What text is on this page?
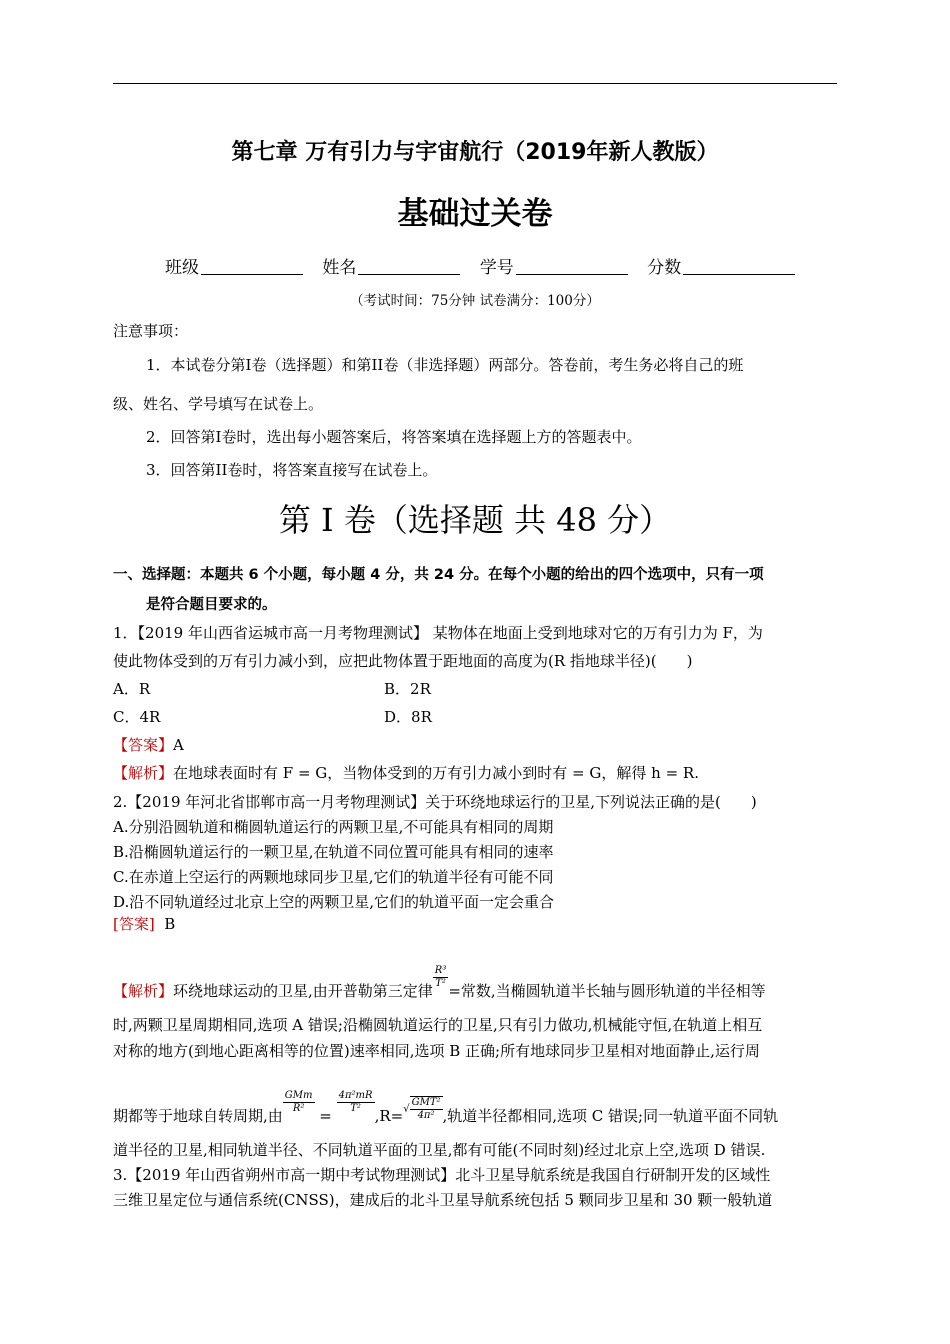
第七章 万有引力与宇宙航行（2019年新人教版）
基础过关卷
班级	姓名	学号	分数
（考试时间：75分钟 试卷满分：100分）
注意事项：
1．本试卷分第I卷（选择题）和第II卷（非选择题）两部分。答卷前，考生务必将自己的班
级、姓名、学号填写在试卷上。
2．回答第I卷时，选出每小题答案后，将答案填在选择题上方的答题表中。
3．回答第II卷时，将答案直接写在试卷上。
第 I 卷（选择题 共 48 分）
一、选择题：本题共 6 个小题，每小题 4 分，共 24 分。在每个小题的给出的四个选项中，只有一项
是符合题目要求的。
1．【2019 年山西省运城市高一月考物理测试】 某物体在地面上受到地球对它的万有引力为 F，为
使此物体受到的万有引力减小到，应把此物体置于距地面的高度为(R 指地球半径)(　　)
A．R	B．2R
C．4R	D．8R
【答案】A
【解析】在地球表面时有 F = G，当物体受到的万有引力减小到时有 = G，解得 h = R.
2.【2019 年河北省邯郸市高一月考物理测试】关于环绕地球运行的卫星,下列说法正确的是(　　)
A.分别沿圆轨道和椭圆轨道运行的两颗卫星,不可能具有相同的周期
B.沿椭圆轨道运行的一颗卫星,在轨道不同位置可能具有相同的速率
C.在赤道上空运行的两颗地球同步卫星,它们的轨道半径有可能不同
D.沿不同轨道经过北京上空的两颗卫星,它们的轨道平面一定会重合
[答案] B
【解析】环绕地球运动的卫星,由开普勒第三定律
$\frac{\text{R³}}{\text{T²}}$
=常数,当椭圆轨道半长轴与圆形轨道的半径相等
时,两颗卫星周期相同,选项 A 错误;沿椭圆轨道运行的卫星,只有引力做功,机械能守恒,在轨道上相互
对称的地方(到地心距离相等的位置)速率相同,选项 B 正确;所有地球同步卫星相对地面静止,运行周
期都等于地球自转周期,由
$\frac{\text{GMm}}{\text{R²}}$
=
$\frac{\text{4π²mR}}{\text{T²}}$
$,R=√ \frac{\text{GMT²}}{\text{4π²}}$ ,轨道半径都相同,选项 C 错误;同一轨道平面不同轨
道半径的卫星,相同轨道半径、不同轨道平面的卫星,都有可能(不同时刻)经过北京上空,选项 D 错误.
3.【2019 年山西省朔州市高一期中考试物理测试】北斗卫星导航系统是我国自行研制开发的区域性
三维卫星定位与通信系统(CNSS)，建成后的北斗卫星导航系统包括 5 颗同步卫星和 30 颗一般轨道
